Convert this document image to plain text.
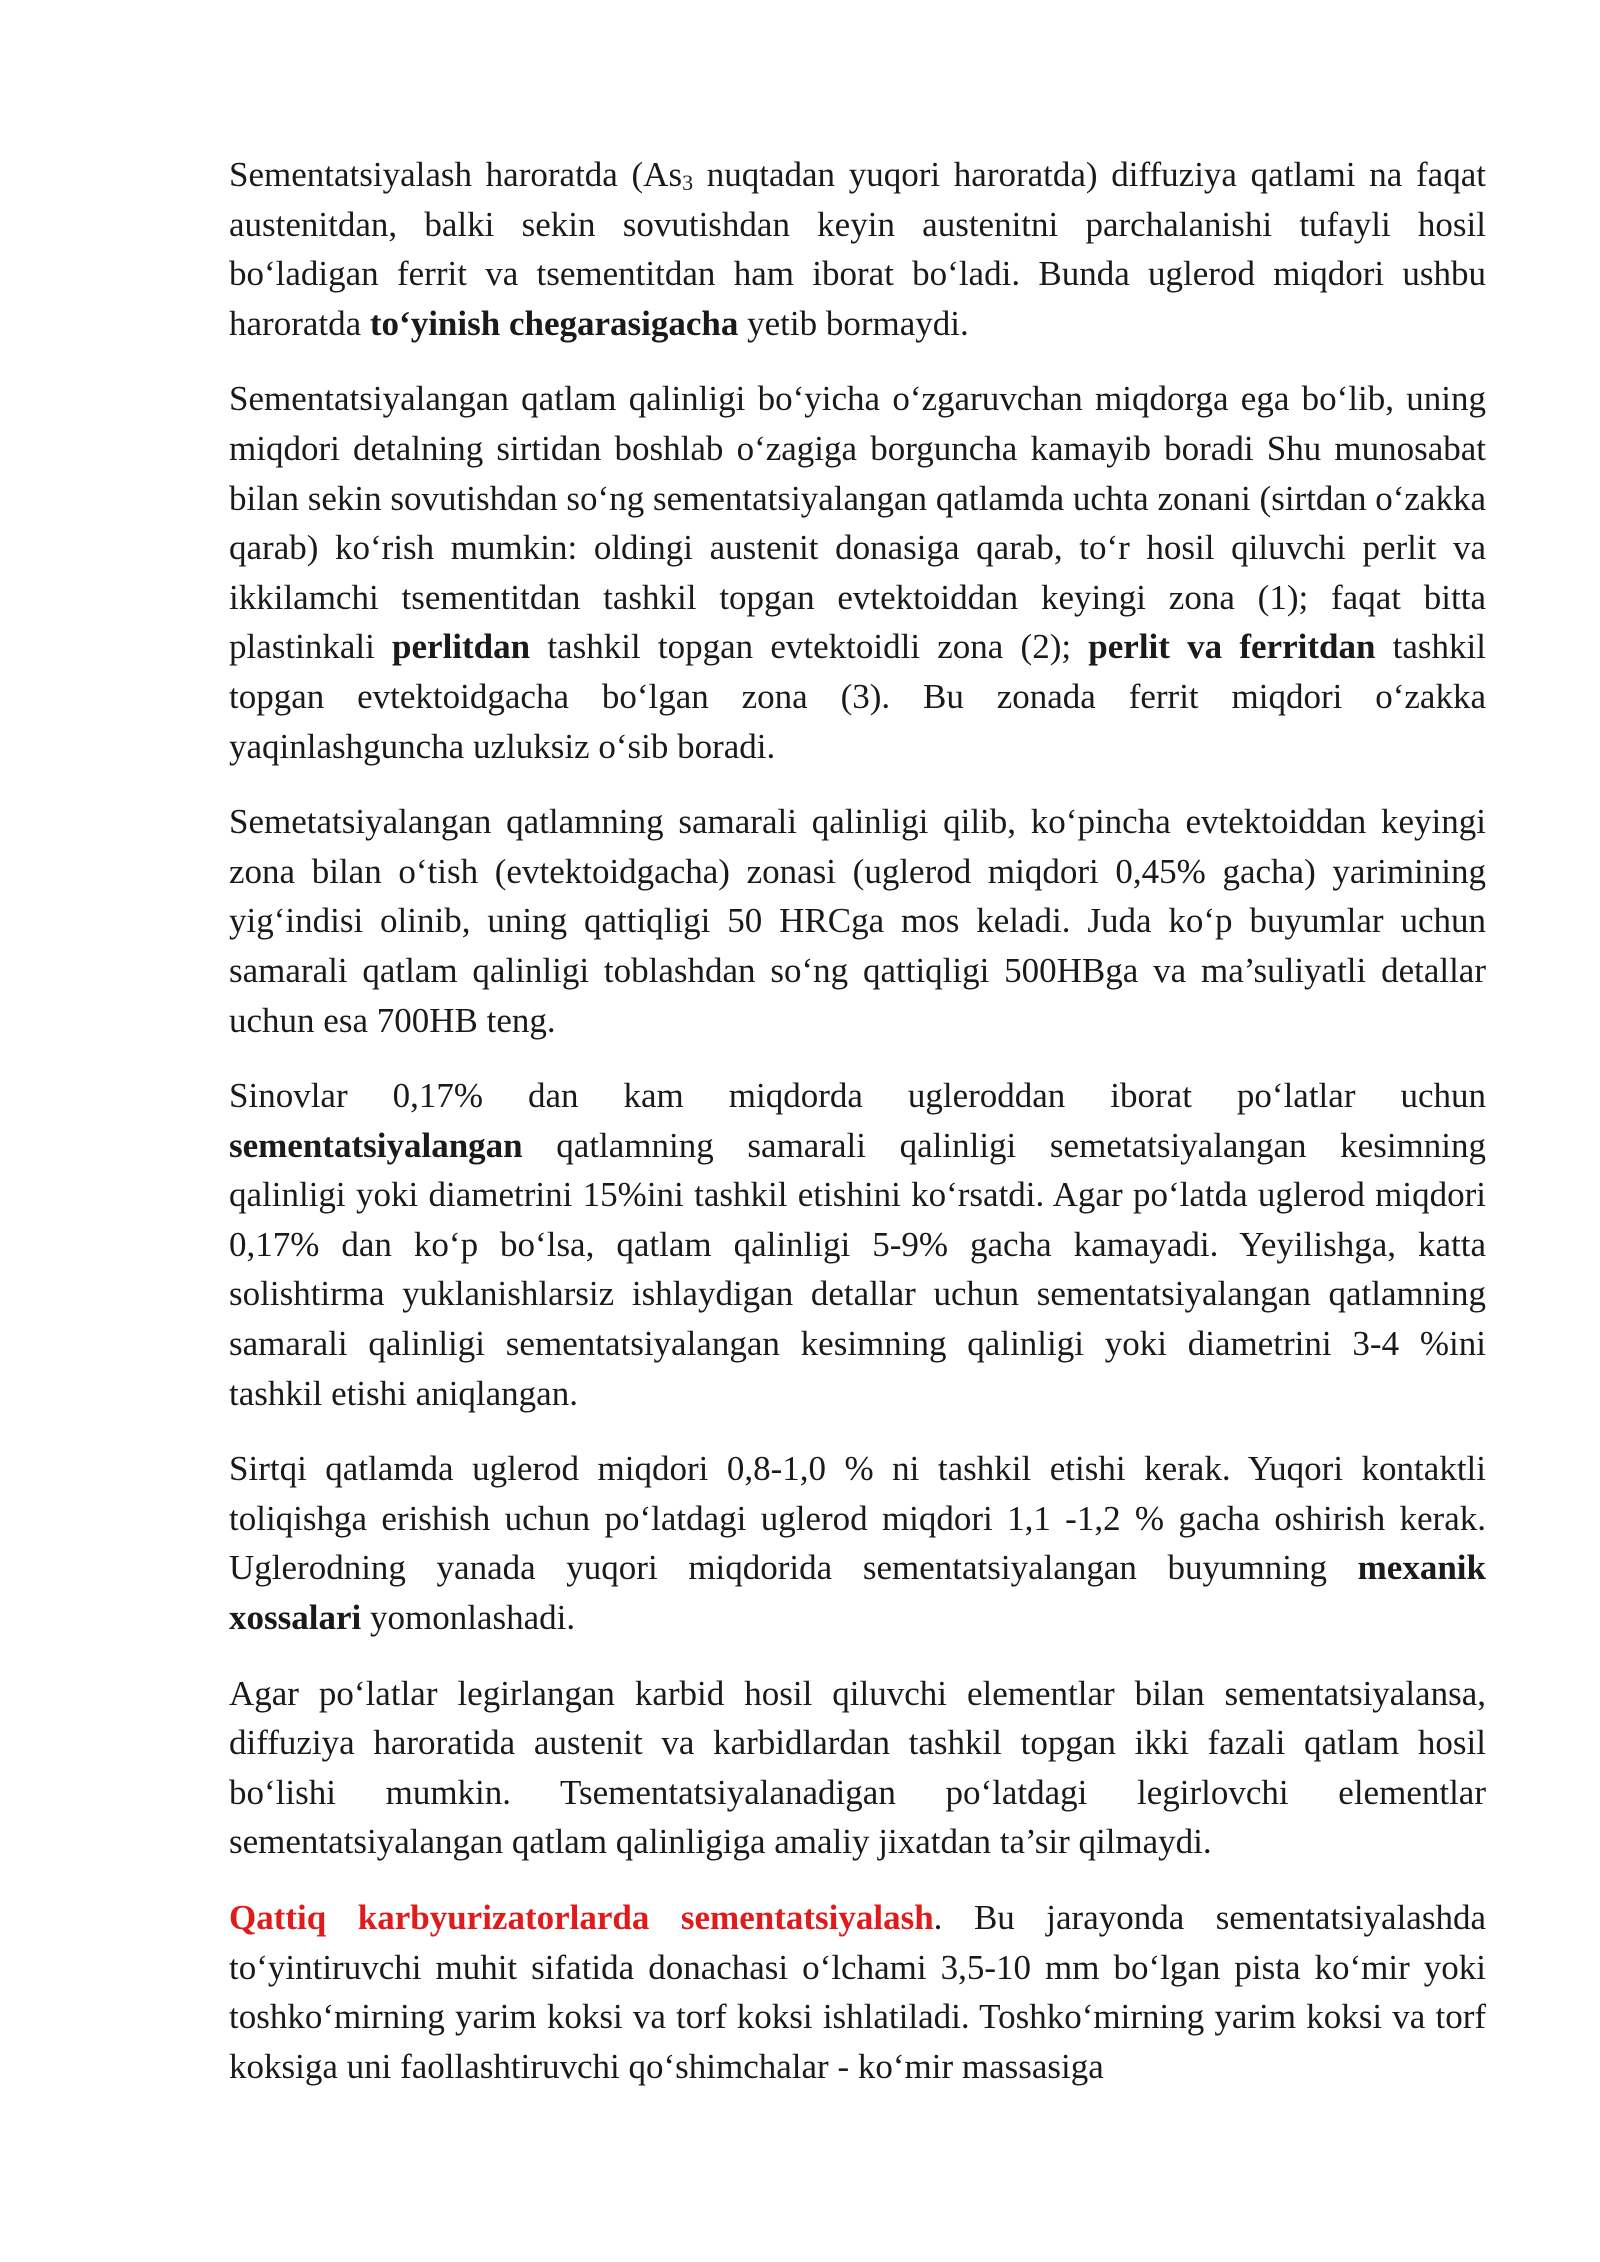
Sementatsiyalash haroratda ($As_3$ nuqtadan yuqori haroratda) diffuziya qatlami na faqat austenitdan, balki sekin sovutishdan keyin austenitni parchalanishi tufayli hosil bo‘ladigan ferrit va tsementitdan ham iborat bo‘ladi. Bunda uglerod miqdori ushbu haroratda to‘yinish chegarasigacha yetib bormaydi.

Sementatsiyalangan qatlam qalinligi bo‘yicha o‘zgaruvchan miqdorga ega bo‘lib, uning miqdori detalning sirtidan boshlab o‘zagiga borguncha kamayib boradi Shu munosabat bilan sekin sovutishdan so‘ng sementatsiyalangan qatlamda uchta zonani (sirtdan o‘zakka qarab) ko‘rish mumkin: oldingi austenit donasiga qarab, to‘r hosil qiluvchi perlit va ikkilamchi tsementitdan tashkil topgan evtektoiddan keyingi zona (1); faqat bitta plastinkali perlitdan tashkil topgan evtektoidli zona (2); perlit va ferritdan tashkil topgan evtektoidgacha bo‘lgan zona (3). Bu zonada ferrit miqdori o‘zakka yaqinlashguncha uzluksiz o‘sib boradi.

Semetatsiyalangan qatlamning samarali qalinligi qilib, ko‘pincha evtektoiddan keyingi zona bilan o‘tish (evtektoidgacha) zonasi (uglerod miqdori 0,45% gacha) yarimining yig‘indisi olinib, uning qattiqligi 50 HRCga mos keladi. Juda ko‘p buyumlar uchun samarali qatlam qalinligi toblashdan so‘ng qattiqligi 500HBga va ma’suliyatli detallar uchun esa 700HB teng.

Sinovlar 0,17% dan kam miqdorda ugleroddan iborat po‘latlar uchun sementatsiyalangan qatlamning samarali qalinligi semetatsiyalangan kesimning qalinligi yoki diametrini 15%ini tashkil etishini ko‘rsatdi. Agar po‘latda uglerod miqdori 0,17% dan ko‘p bo‘lsa, qatlam qalinligi 5-9% gacha kamayadi. Yeyilishga, katta solishtirma yuklanishlarsiz ishlaydigan detallar uchun sementatsiyalangan qatlamning samarali qalinligi sementatsiyalangan kesimning qalinligi yoki diametrini 3-4 %ini tashkil etishi aniqlangan.

Sirtqi qatlamda uglerod miqdori 0,8-1,0 % ni tashkil etishi kerak. Yuqori kontaktli toliqishga erishish uchun po‘latdagi uglerod miqdori 1,1 -1,2 % gacha oshirish kerak. Uglerodning yanada yuqori miqdorida sementatsiyalangan buyumning mexanik xossalari yomonlashadi.

Agar po‘latlar legirlangan karbid hosil qiluvchi elementlar bilan sementatsiyalansa, diffuziya haroratida austenit va karbidlardan tashkil topgan ikki fazali qatlam hosil bo‘lishi mumkin. Tsementatsiyalanadigan po‘latdagi legirlovchi elementlar sementatsiyalangan qatlam qalinligiga amaliy jixatdan ta’sir qilmaydi.

Qattiq karbyurizatorlarda sementatsiyalash. Bu jarayonda sementatsiyalashda to‘yintiruvchi muhit sifatida donachasi o‘lchami 3,5-10 mm bo‘lgan pista ko‘mir yoki toshko‘mirning yarim koksi va torf koksi ishlatiladi. Toshko‘mirning yarim koksi va torf koksiga uni faollashtiruvchi qo‘shimchalar - ko‘mir massasiga
